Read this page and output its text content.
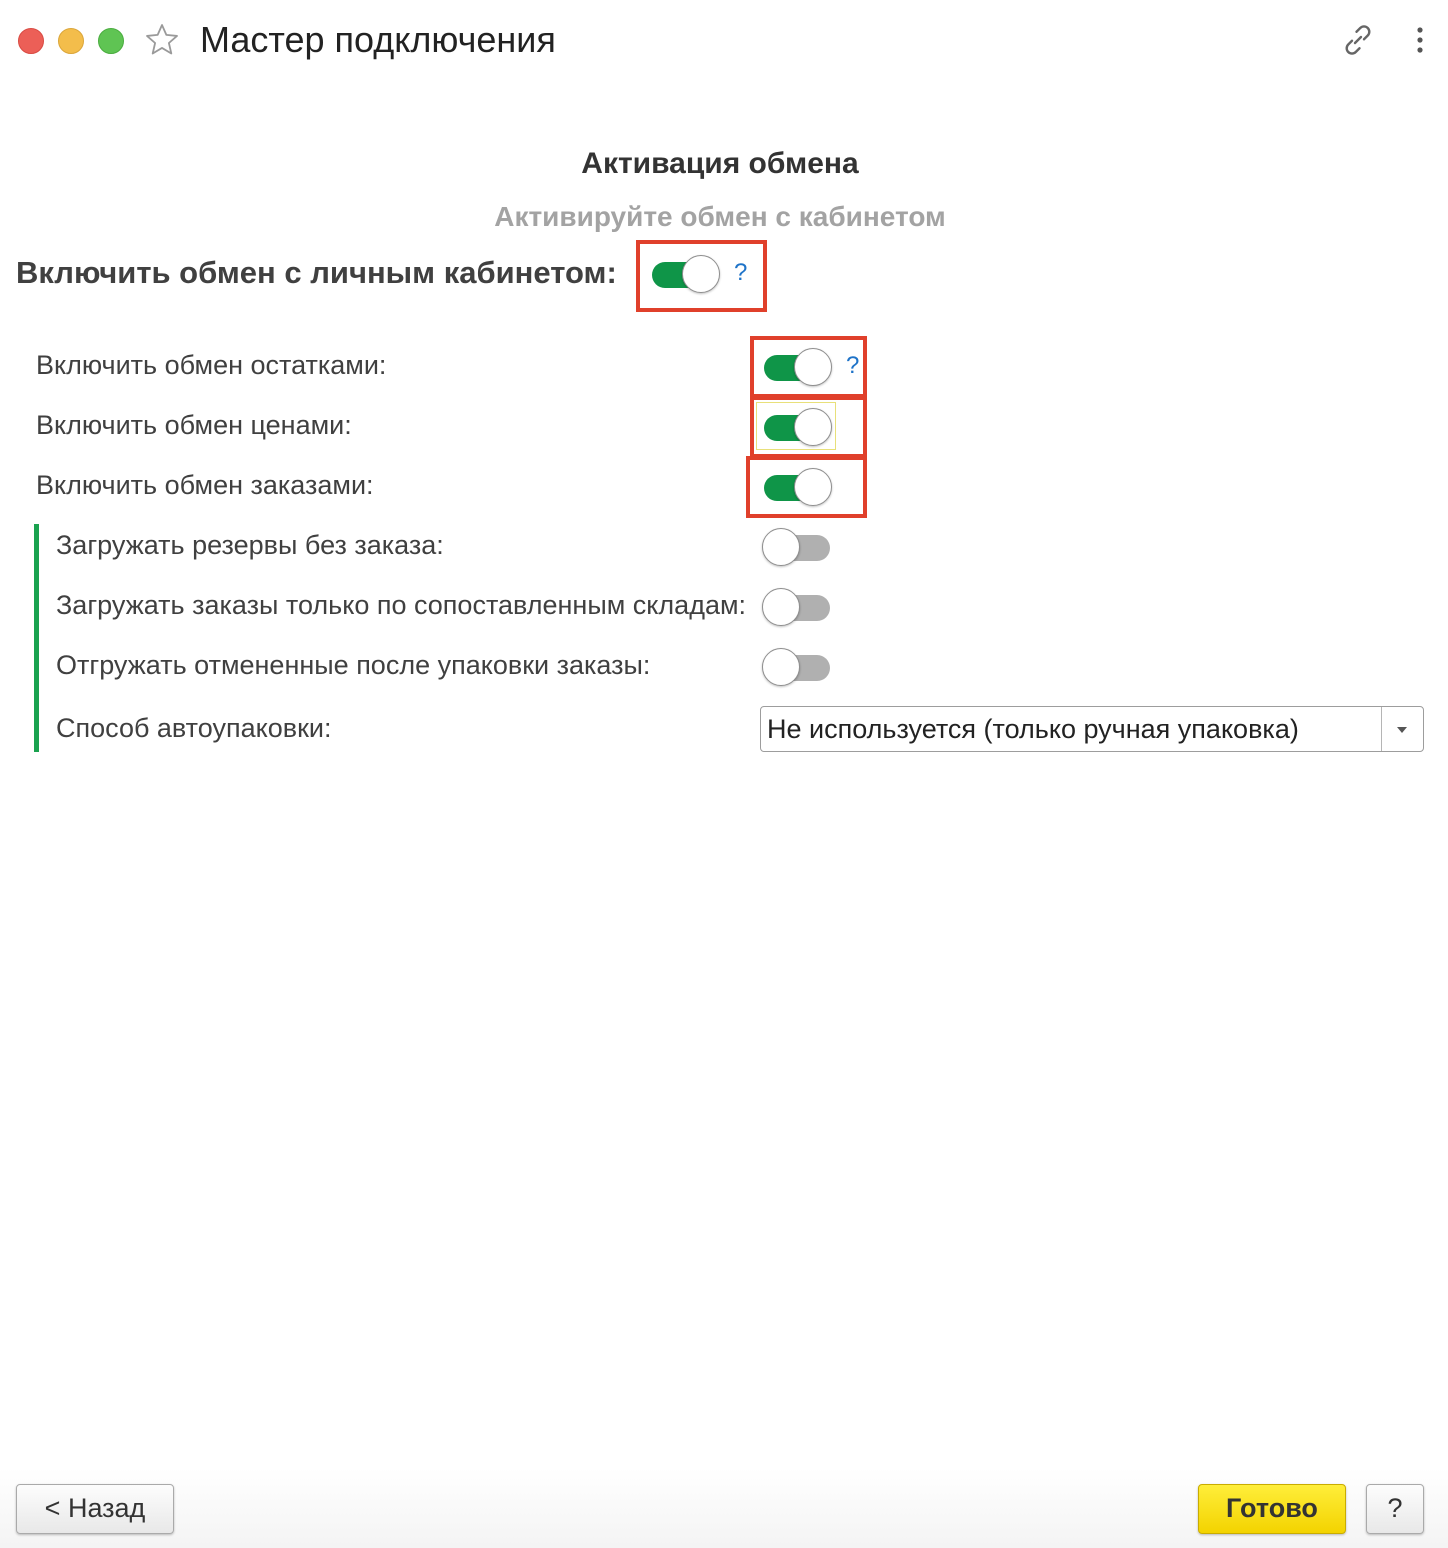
Мастер подключения
Активация обмена
Активируйте обмен с кабинетом
Включить обмен с личным кабинетом:	?
Включить обмен остатками:	?
Включить обмен ценами:
Включить обмен заказами:
Загружать резервы без заказа:
Загружать заказы только по сопоставленным складам:
Отгружать отмененные после упаковки заказы:
Способ автоупаковки:	Не используется (только ручная упаковка)
< Назад	Готово	?
